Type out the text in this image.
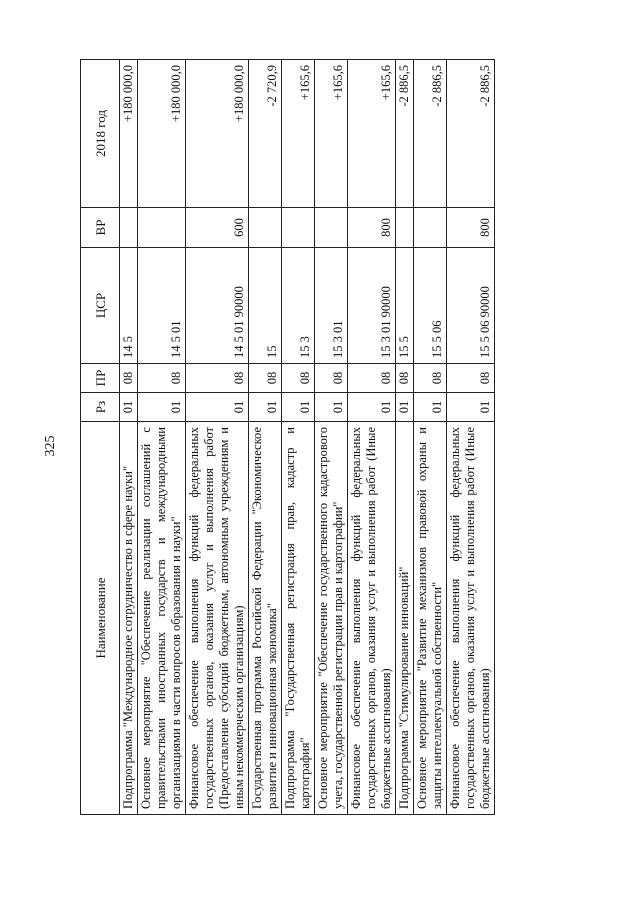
325
Наименование	Рз	ПР	ЦСР	ВР	2018 год
Подпрограмма "Международное сотрудничество в сфере науки"	01	08	14 5		+180 000,0
Основное мероприятие "Обеспечение реализации соглашений с правительствами иностранных государств и международными организациями в части вопросов образования и науки"	01	08	14 5 01		+180 000,0
Финансовое обеспечение выполнения функций федеральных государственных органов, оказания услуг и выполнения работ (Предоставление субсидий бюджетным, автономным учреждениям и иным некоммерческим организациям)	01	08	14 5 01 90000	600	+180 000,0
Государственная программа Российской Федерации "Экономическое развитие и инновационная экономика"	01	08	15		-2 720,9
Подпрограмма "Государственная регистрация прав, кадастр и картография"	01	08	15 3		+165,6
Основное мероприятие "Обеспечение государственного кадастрового учета, государственной регистрации прав и картографии"	01	08	15 3 01		+165,6
Финансовое обеспечение выполнения функций федеральных государственных органов, оказания услуг и выполнения работ (Иные бюджетные ассигнования)	01	08	15 3 01 90000	800	+165,6
Подпрограмма "Стимулирование инноваций"	01	08	15 5		-2 886,5
Основное мероприятие "Развитие механизмов правовой охраны и защиты интеллектуальной собственности"	01	08	15 5 06		-2 886,5
Финансовое обеспечение выполнения функций федеральных государственных органов, оказания услуг и выполнения работ (Иные бюджетные ассигнования)	01	08	15 5 06 90000	800	-2 886,5
